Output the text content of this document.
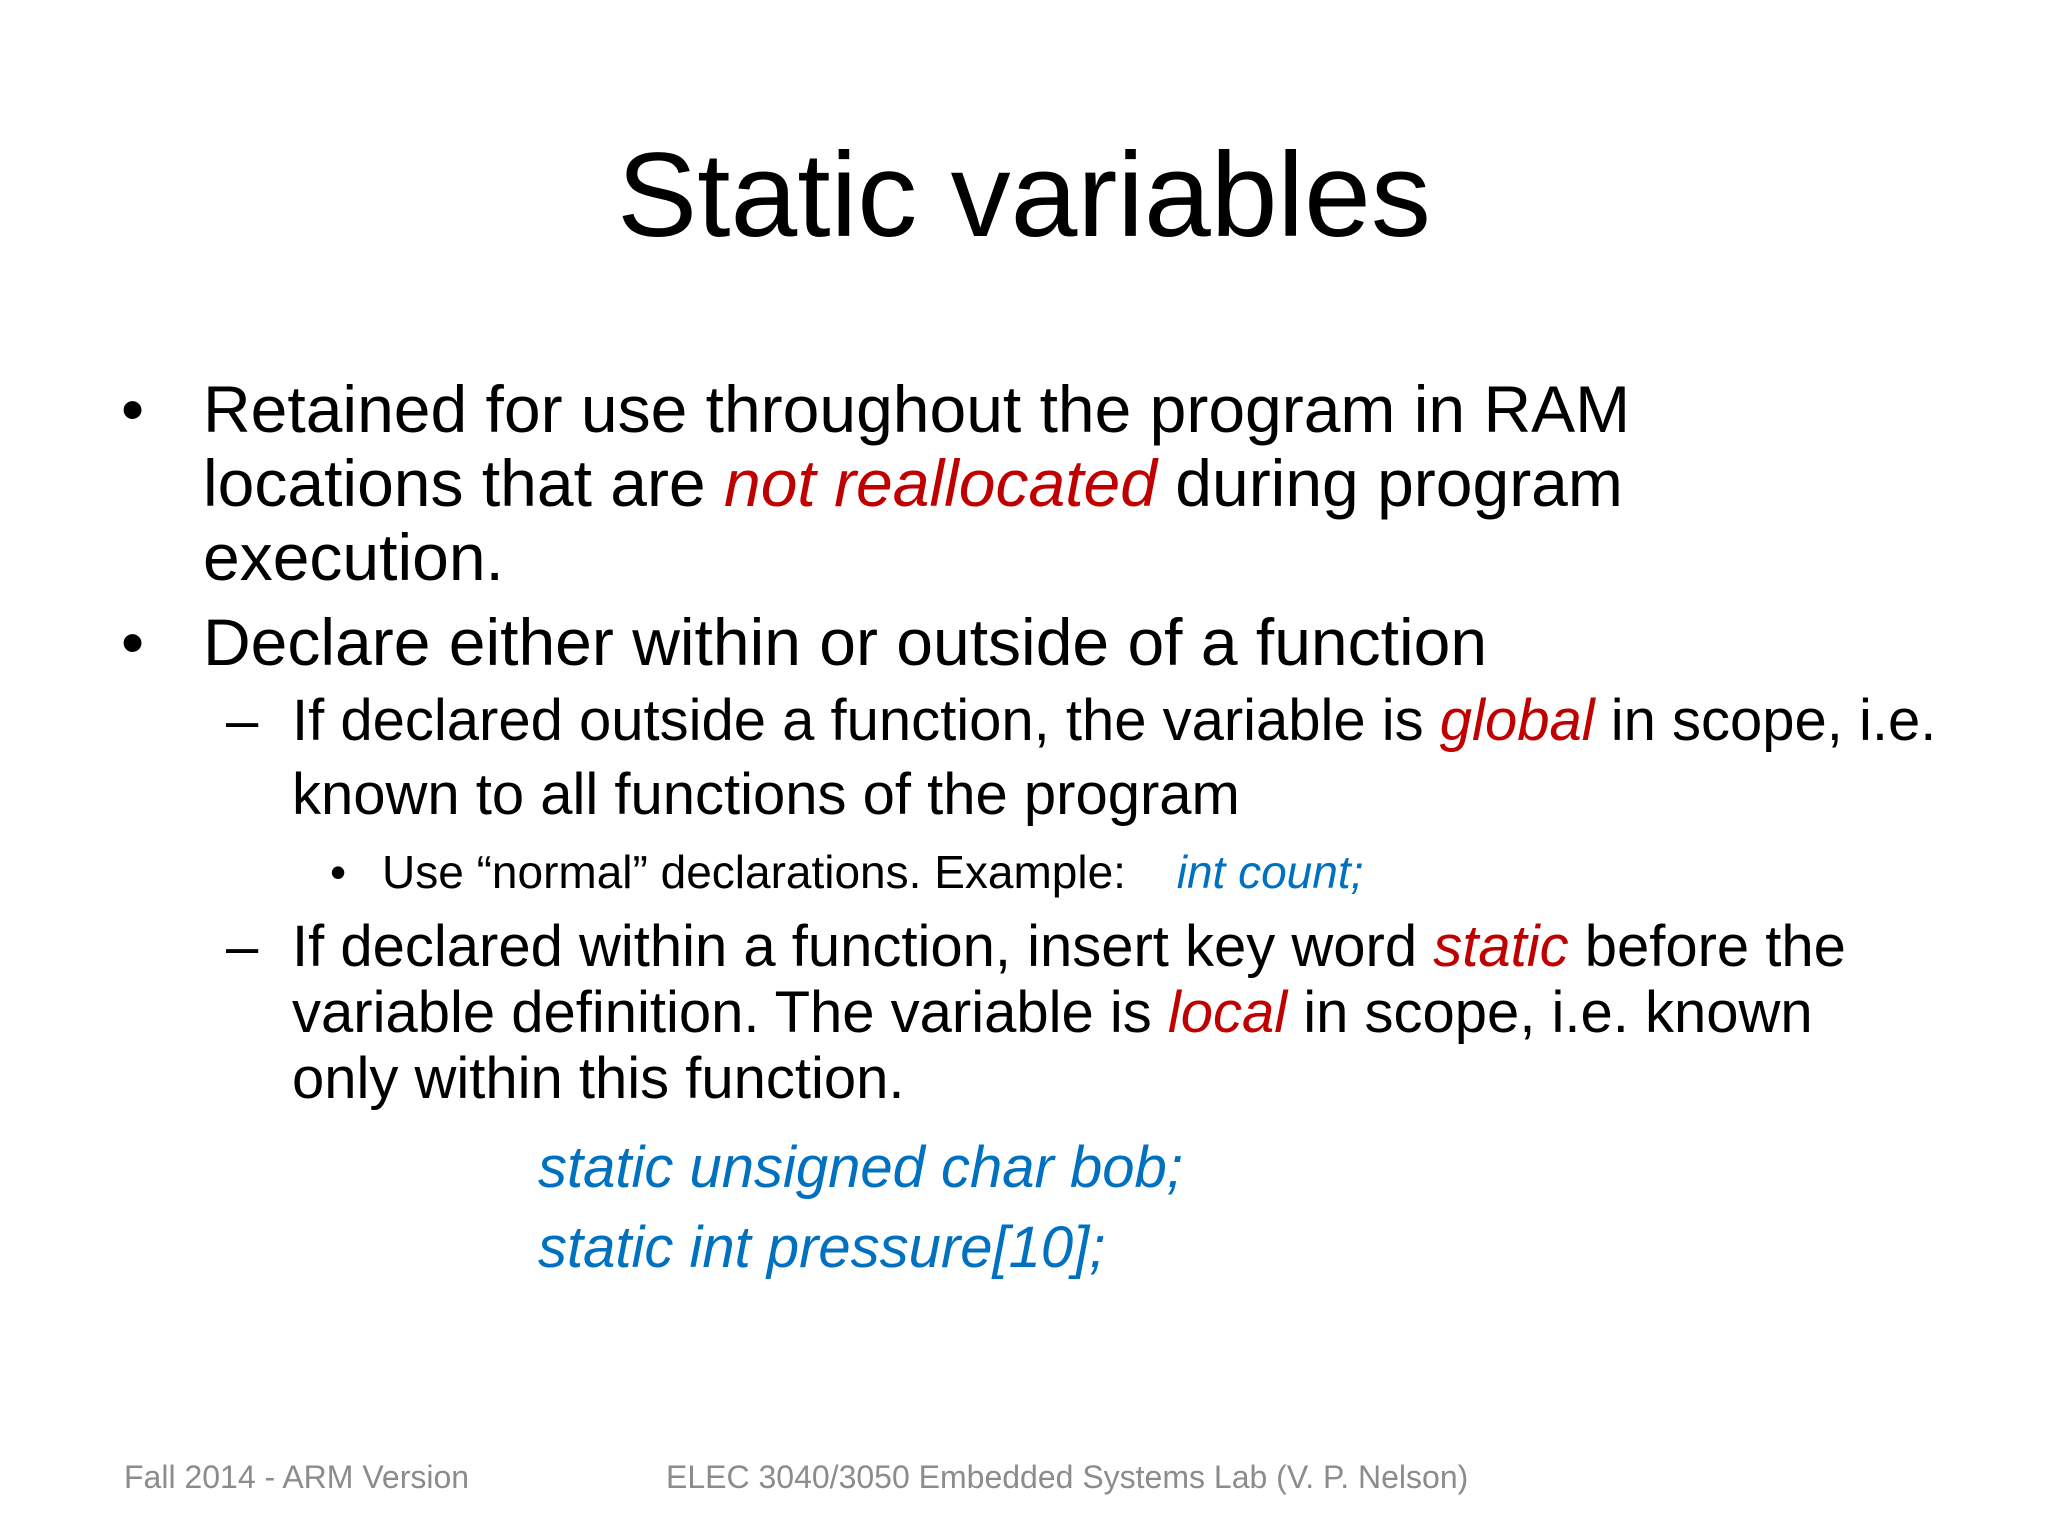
Static variables
• Retained for use throughout the program in RAM locations that are not reallocated during program execution.
• Declare either within or outside of a function
– If declared outside a function, the variable is global in scope, i.e. known to all functions of the program
• Use “normal” declarations. Example: int count;
– If declared within a function, insert key word static before the variable definition. The variable is local in scope, i.e. known only within this function.
static unsigned char bob;
static int pressure[10];
Fall 2014 - ARM Version	ELEC 3040/3050 Embedded Systems Lab (V. P. Nelson)
